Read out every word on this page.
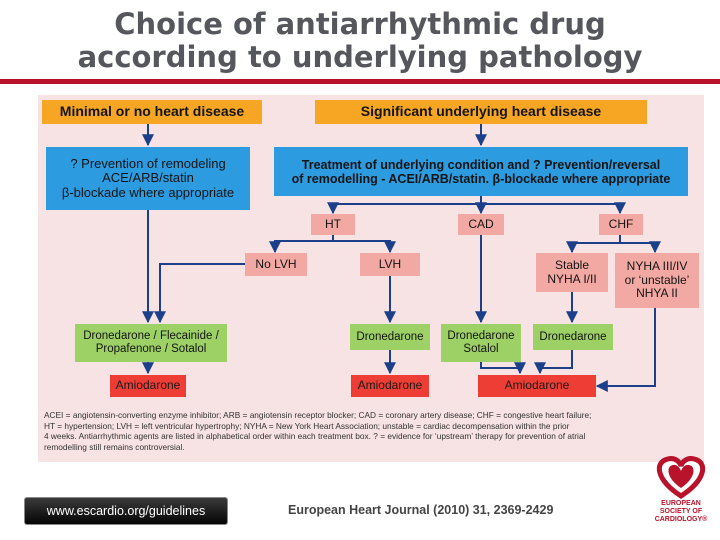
Choice of antiarrhythmic drug
according to underlying pathology
Minimal or no heart disease	Significant underlying heart disease
? Prevention of remodeling
ACE/ARB/statin
β-blockade where appropriate
Treatment of underlying condition and ? Prevention/reversal
of remodelling - ACEI/ARB/statin. β-blockade where appropriate
HT	CAD	CHF
No LVH	LVH	Stable
NYHA I/II
NYHA III/IV
or ‘unstable’
NHYA II
Dronedarone / Flecainide /
Propafenone / Sotalol
Dronedarone Dronedarone
Sotalol
Dronedarone
Amiodarone	Amiodarone	Amiodarone
ACEI = angiotensin-converting enzyme inhibitor; ARB = angiotensin receptor blocker; CAD = coronary artery disease; CHF = congestive heart failure;
HT = hypertension; LVH = left ventricular hypertrophy; NYHA = New York Heart Association; unstable = cardiac decompensation within the prior
4 weeks. Antiarrhythmic agents are listed in alphabetical order within each treatment box. ? = evidence for ‘upstream’ therapy for prevention of atrial
remodelling still remains controversial.
www.escardio.org/guidelines	European Heart Journal (2010) 31, 2369-2429	EUROPEAN
SOCIETY OF
CARDIOLOGY®
